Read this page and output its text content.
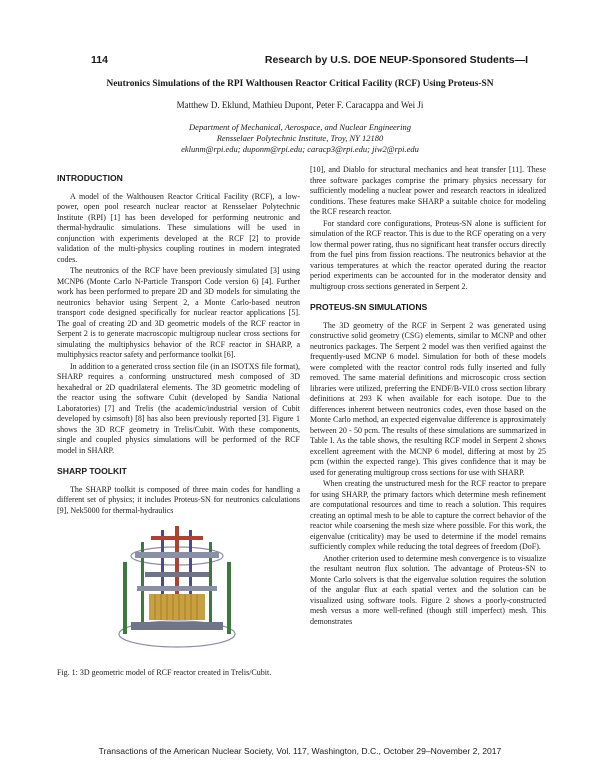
114	Research by U.S. DOE NEUP-Sponsored Students—I
Neutronics Simulations of the RPI Walthousen Reactor Critical Facility (RCF) Using Proteus-SN
Matthew D. Eklund, Mathieu Dupont, Peter F. Caracappa and Wei Ji
Department of Mechanical, Aerospace, and Nuclear Engineering
Rensselaer Polytechnic Institute, Troy, NY 12180
eklunm@rpi.edu; duponm@rpi.edu; caracp3@rpi.edu; jiw2@rpi.edu
INTRODUCTION

A model of the Walthousen Reactor Critical Facility (RCF), a low-power, open pool research nuclear reactor at Rensselaer Polytechnic Institute (RPI) [1] has been developed for performing neutronic and thermal-hydraulic simulations. These simulations will be used in conjunction with experiments developed at the RCF [2] to provide validation of the multi-physics coupling routines in modern integrated codes.

The neutronics of the RCF have been previously simulated [3] using MCNP6 (Monte Carlo N-Particle Transport Code version 6) [4]. Further work has been performed to prepare 2D and 3D models for simulating the neutronics behavior using Serpent 2, a Monte Carlo-based neutron transport code designed specifically for nuclear reactor applications [5]. The goal of creating 2D and 3D geometric models of the RCF reactor in Serpent 2 is to generate macroscopic multigroup nuclear cross sections for simulating the multiphysics behavior of the RCF reactor in SHARP, a multiphysics reactor safety and performance toolkit [6].

In addition to a generated cross section file (in an ISOTXS file format), SHARP requires a conforming unstructured mesh composed of 3D hexahedral or 2D quadrilateral elements. The 3D geometric modeling of the reactor using the software Cubit (developed by Sandia National Laboratories) [7] and Trelis (the academic/industrial version of Cubit developed by csimsoft) [8] has also been previously reported [3]. Figure 1 shows the 3D RCF geometry in Trelis/Cubit. With these components, single and coupled physics simulations will be performed of the RCF model in SHARP.

SHARP TOOLKIT

The SHARP toolkit is composed of three main codes for handling a different set of physics; it includes Proteus-SN for neutronics calculations [9], Nek5000 for thermal-hydraulics

Fig. 1: 3D geometric model of RCF reactor created in Trelis/Cubit.

[10], and Diablo for structural mechanics and heat transfer [11]. These three software packages comprise the primary physics necessary for sufficiently modeling a nuclear power and research reactors in idealized conditions. These features make SHARP a suitable choice for modeling the RCF research reactor.

For standard core configurations, Proteus-SN alone is sufficient for simulation of the RCF reactor. This is due to the RCF operating on a very low thermal power rating, thus no significant heat transfer occurs directly from the fuel pins from fission reactions. The neutronics behavior at the various temperatures at which the reactor operated during the reactor period experiments can be accounted for in the moderator density and multigroup cross sections generated in Serpent 2.

PROTEUS-SN SIMULATIONS

The 3D geometry of the RCF in Serpent 2 was generated using constructive solid geometry (CSG) elements, similar to MCNP and other neutronics packages. The Serpent 2 model was then verified against the frequently-used MCNP 6 model. Simulation for both of these models were completed with the reactor control rods fully inserted and fully removed. The same material definitions and microscopic cross section libraries were utilized, preferring the ENDF/B-VII.0 cross section library definitions at 293 K when available for each isotope. Due to the differences inherent between neutronics codes, even those based on the Monte Carlo method, an expected eigenvalue difference is approximately between 20 - 50 pcm. The results of these simulations are summarized in Table I. As the table shows, the resulting RCF model in Serpent 2 shows excellent agreement with the MCNP 6 model, differing at most by 25 pcm (within the expected range). This gives confidence that it may be used for generating multigroup cross sections for use with SHARP.

When creating the unstructured mesh for the RCF reactor to prepare for using SHARP, the primary factors which determine mesh refinement are computational resources and time to reach a solution. This requires creating an optimal mesh to be able to capture the correct behavior of the reactor while coarsening the mesh size where possible. For this work, the eigenvalue (criticality) may be used to determine if the model remains sufficiently complex while reducing the total degrees of freedom (DoF).

Another criterion used to determine mesh convergence is to visualize the resultant neutron flux solution. The advantage of Proteus-SN to Monte Carlo solvers is that the eigenvalue solution requires the solution of the angular flux at each spatial vertex and the solution can be visualized using software tools. Figure 2 shows a poorly-constructed mesh versus a more well-refined (though still imperfect) mesh. This demonstrates

Transactions of the American Nuclear Society, Vol. 117, Washington, D.C., October 29–November 2, 2017
